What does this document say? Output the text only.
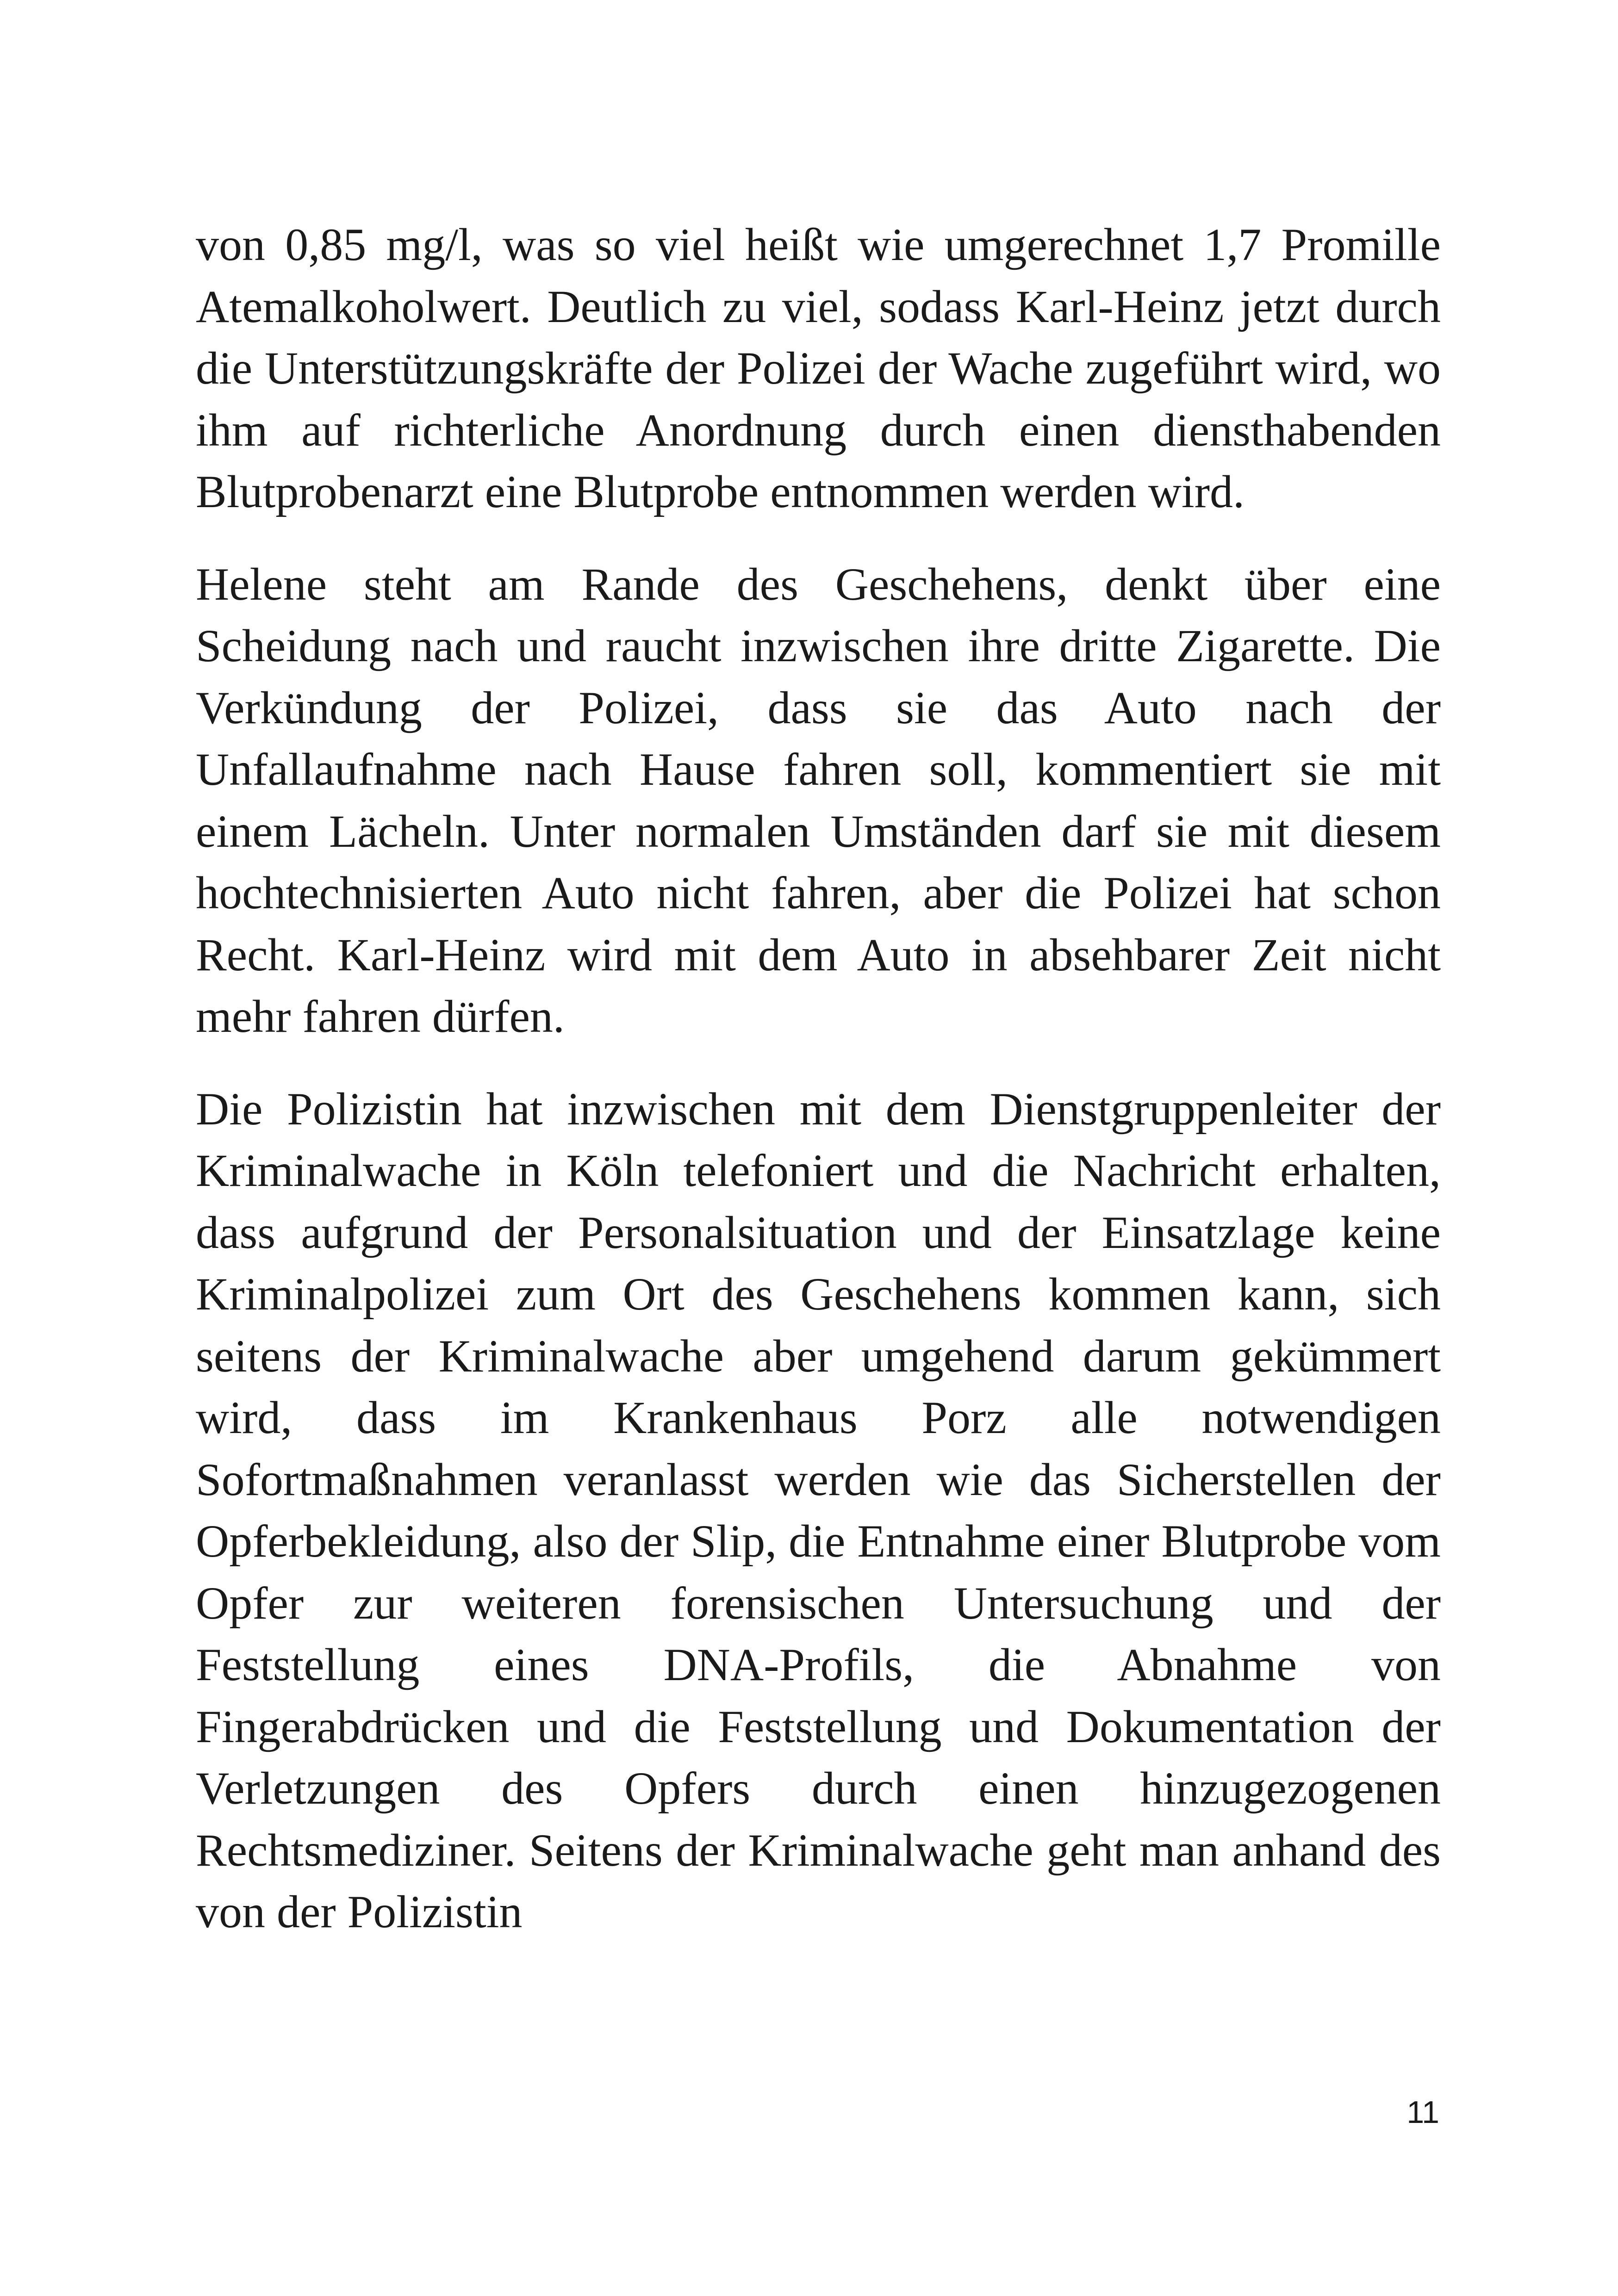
von 0,85 mg/l, was so viel heißt wie umgerechnet 1,7 Promille Atemalkoholwert. Deutlich zu viel, sodass Karl-Heinz jetzt durch die Unterstützungskräfte der Polizei der Wache zugeführt wird, wo ihm auf richterliche Anordnung durch einen diensthabenden Blutprobenarzt eine Blutprobe entnommen werden wird.

Helene steht am Rande des Geschehens, denkt über eine Scheidung nach und raucht inzwischen ihre dritte Zigarette. Die Verkündung der Polizei, dass sie das Auto nach der Unfallaufnahme nach Hause fahren soll, kommentiert sie mit einem Lächeln. Unter normalen Umständen darf sie mit diesem hochtechnisierten Auto nicht fahren, aber die Polizei hat schon Recht. Karl-Heinz wird mit dem Auto in absehbarer Zeit nicht mehr fahren dürfen.

Die Polizistin hat inzwischen mit dem Dienstgruppenleiter der Kriminalwache in Köln telefoniert und die Nachricht erhalten, dass aufgrund der Personalsituation und der Einsatzlage keine Kriminalpolizei zum Ort des Geschehens kommen kann, sich seitens der Kriminalwache aber umgehend darum gekümmert wird, dass im Krankenhaus Porz alle notwendigen Sofortmaßnahmen veranlasst werden wie das Sicherstellen der Opferbekleidung, also der Slip, die Entnahme einer Blutprobe vom Opfer zur weiteren forensischen Untersuchung und der Feststellung eines DNA-Profils, die Abnahme von Fingerabdrücken und die Feststellung und Dokumentation der Verletzungen des Opfers durch einen hinzugezogenen Rechtsmediziner. Seitens der Kriminalwache geht man anhand des von der Polizistin

11
